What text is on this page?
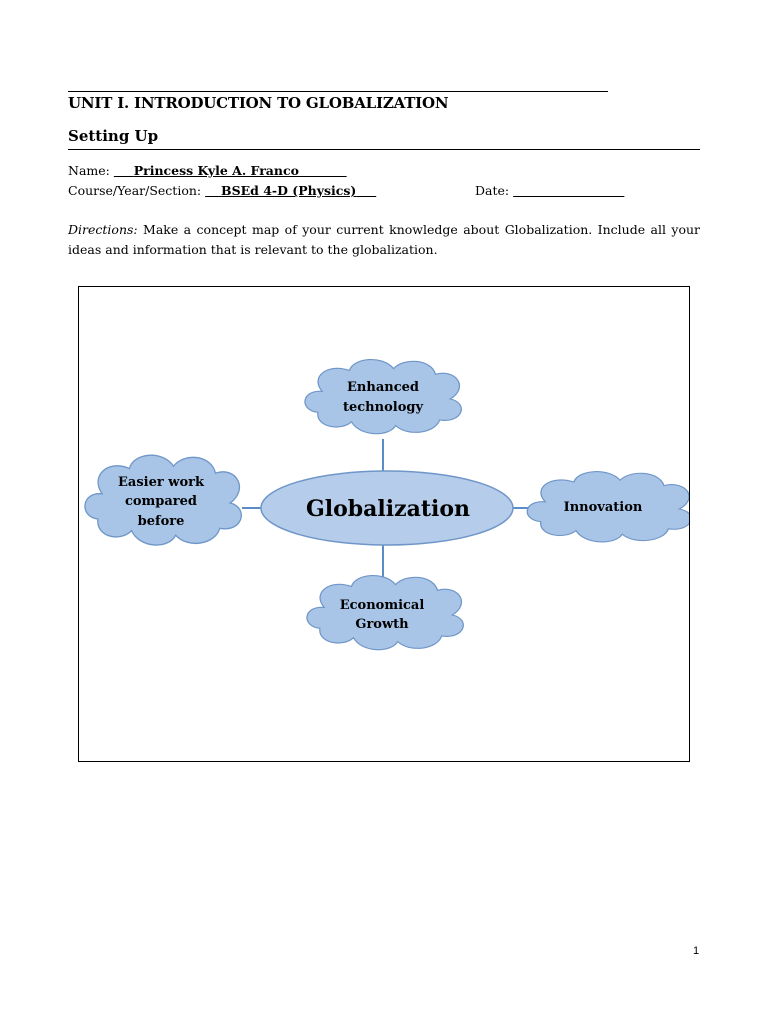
UNIT I. INTRODUCTION TO GLOBALIZATION
Setting Up
Name: Princess Kyle A. Franco
Course/Year/Section: BSEd 4-D (Physics)	Date:
Directions: Make a concept map of your current knowledge about Globalization. Include all your ideas and information that is relevant to the globalization.
Enhanced
technology
Easier work
compared
before
Innovation
Economical
Growth
Globalization
1
